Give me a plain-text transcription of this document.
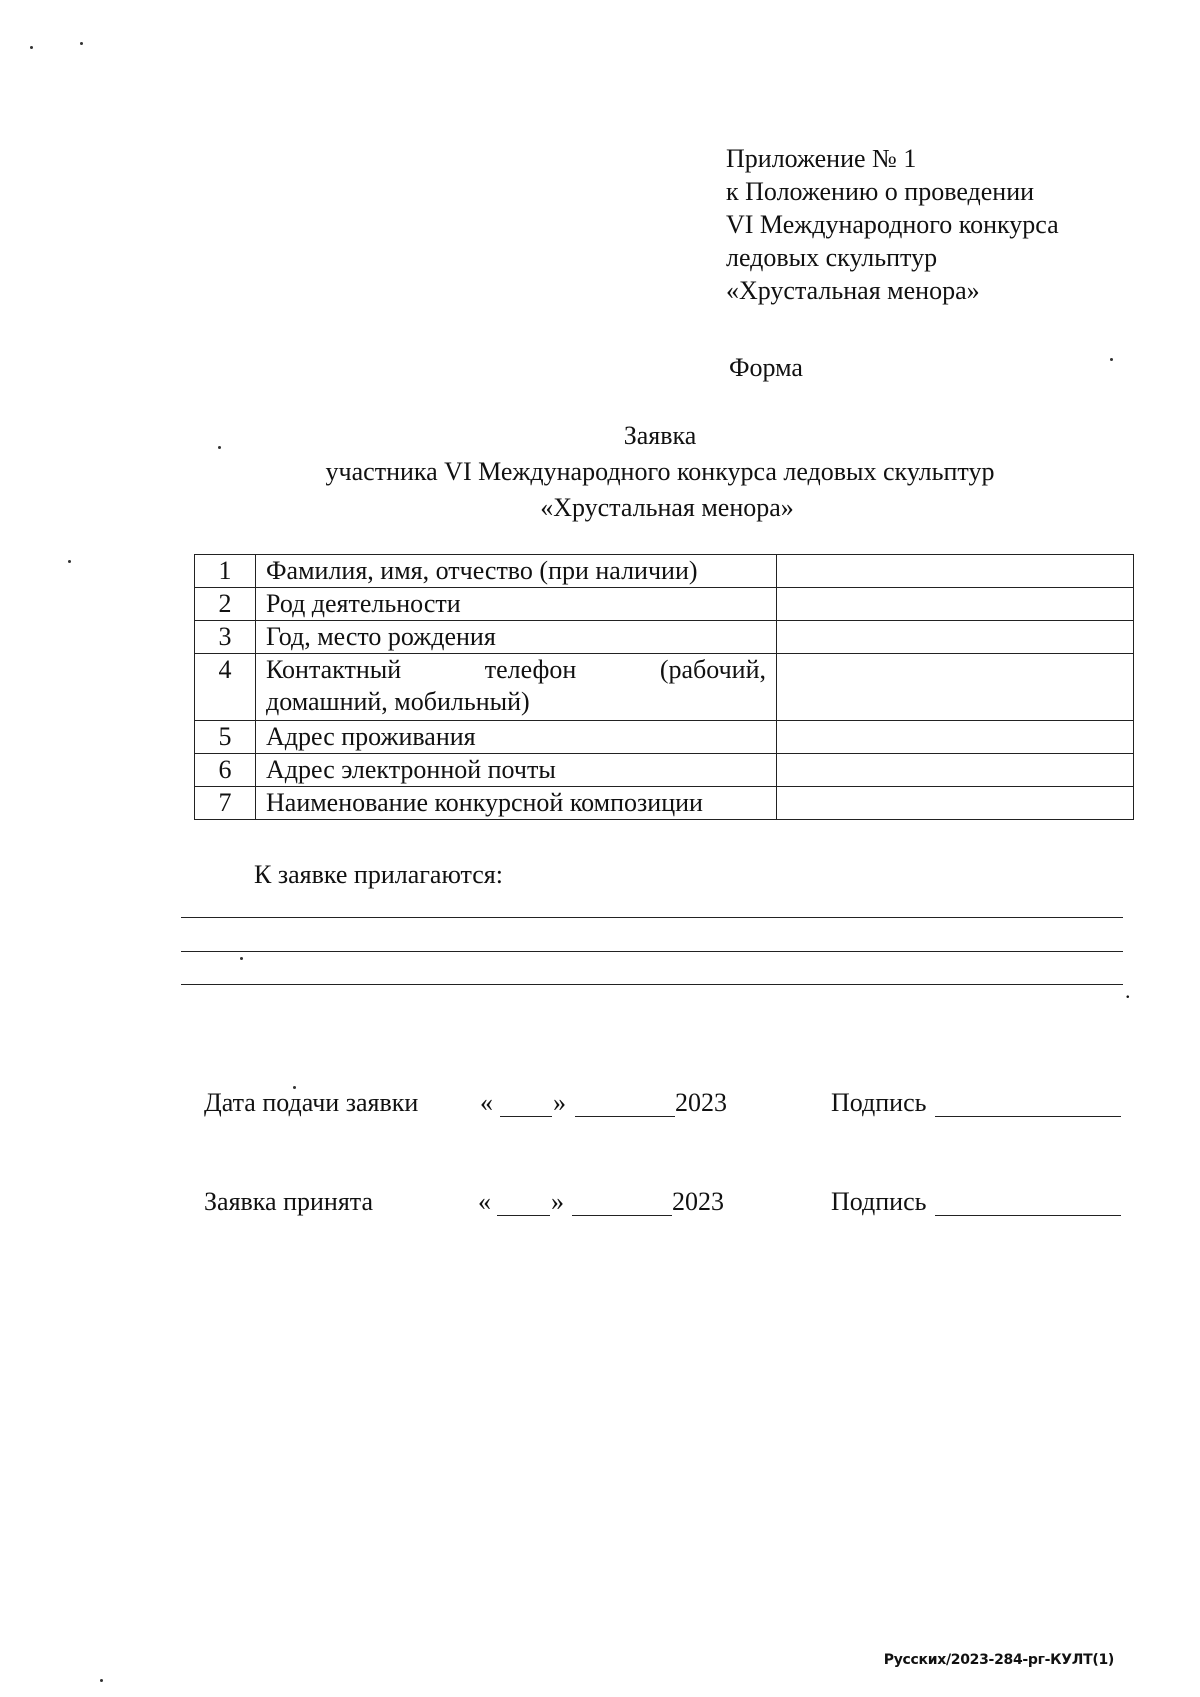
Приложение № 1
к Положению о проведении
VI Международного конкурса
ледовых скульптур
«Хрустальная менора»
Форма
Заявка
участника VI Международного конкурса ледовых скульптур
«Хрустальная менора»
1	Фамилия, имя, отчество (при наличии)	
2	Род деятельности	
3	Год, место рождения	
4	Контактный телефон (рабочий,
домашний, мобильный)	

5	Адрес проживания	
6	Адрес электронной почты	
7	Наименование конкурсной композиции	
К заявке прилагаются:
.
Дата подачи заявки « »	2023	Подпись
Заявка принята	« »	2023	Подпись
Русских/2023-284-рг-КУЛТ(1)
